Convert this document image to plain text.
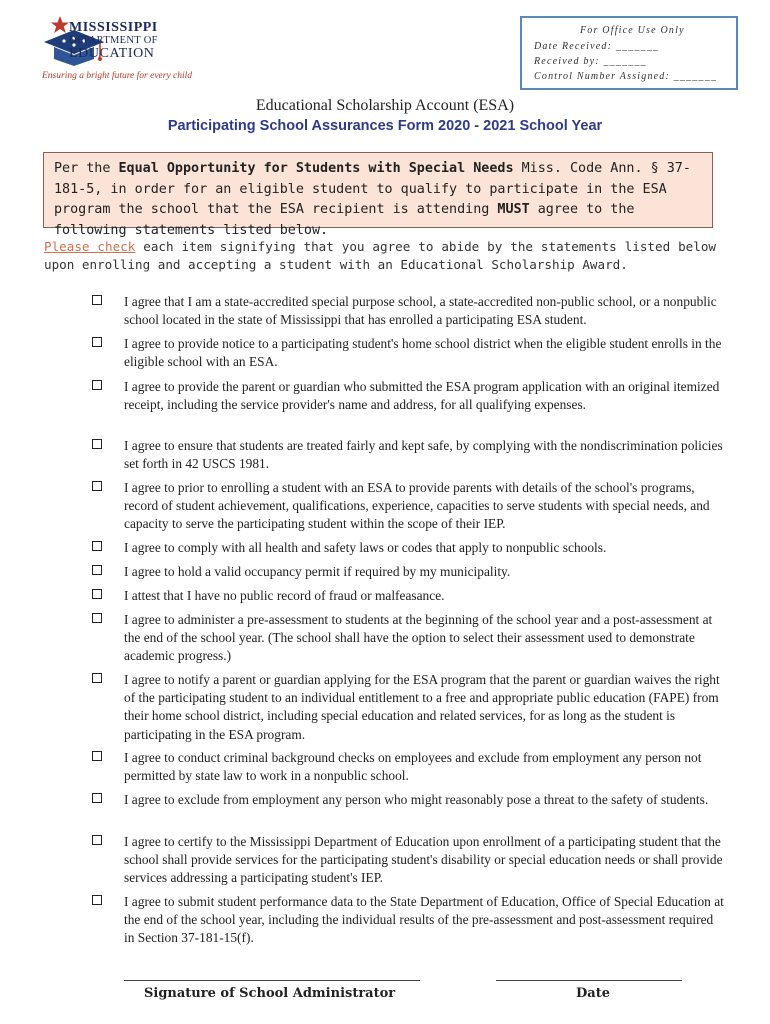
MISSISSIPPI
DEPARTMENT OF
EDUCATION
Ensuring a bright future for every child
For Office Use Only
Date Received: _______
Received by: _______
Control Number Assigned: _______
Educational Scholarship Account (ESA)
Participating School Assurances Form 2020 - 2021 School Year
Per the Equal Opportunity for Students with Special Needs Miss. Code Ann. § 37-181-5, in order for an eligible student to qualify to participate in the ESA program the school that the ESA recipient is attending MUST agree to the following statements listed below.
Please check each item signifying that you agree to abide by the statements listed below upon enrolling and accepting a student with an Educational Scholarship Award.
I agree that I am a state-accredited special purpose school, a state-accredited non-public school, or a nonpublic school located in the state of Mississippi that has enrolled a participating ESA student.
I agree to provide notice to a participating student's home school district when the eligible student enrolls in the eligible school with an ESA.
I agree to provide the parent or guardian who submitted the ESA program application with an original itemized receipt, including the service provider's name and address, for all qualifying expenses.
I agree to ensure that students are treated fairly and kept safe, by complying with the nondiscrimination policies set forth in 42 USCS 1981.
I agree to prior to enrolling a student with an ESA to provide parents with details of the school's programs, record of student achievement, qualifications, experience, capacities to serve students with special needs, and capacity to serve the participating student within the scope of their IEP.
I agree to comply with all health and safety laws or codes that apply to nonpublic schools.
I agree to hold a valid occupancy permit if required by my municipality.
I attest that I have no public record of fraud or malfeasance.
I agree to administer a pre-assessment to students at the beginning of the school year and a post-assessment at the end of the school year. (The school shall have the option to select their assessment used to demonstrate academic progress.)
I agree to notify a parent or guardian applying for the ESA program that the parent or guardian waives the right of the participating student to an individual entitlement to a free and appropriate public education (FAPE) from their home school district, including special education and related services, for as long as the student is participating in the ESA program.
I agree to conduct criminal background checks on employees and exclude from employment any person not permitted by state law to work in a nonpublic school.
I agree to exclude from employment any person who might reasonably pose a threat to the safety of students.
I agree to certify to the Mississippi Department of Education upon enrollment of a participating student that the school shall provide services for the participating student's disability or special education needs or shall provide services addressing a participating student's IEP.
I agree to submit student performance data to the State Department of Education, Office of Special Education at the end of the school year, including the individual results of the pre-assessment and post-assessment required in Section 37-181-15(f).
Signature of School Administrator	Date
